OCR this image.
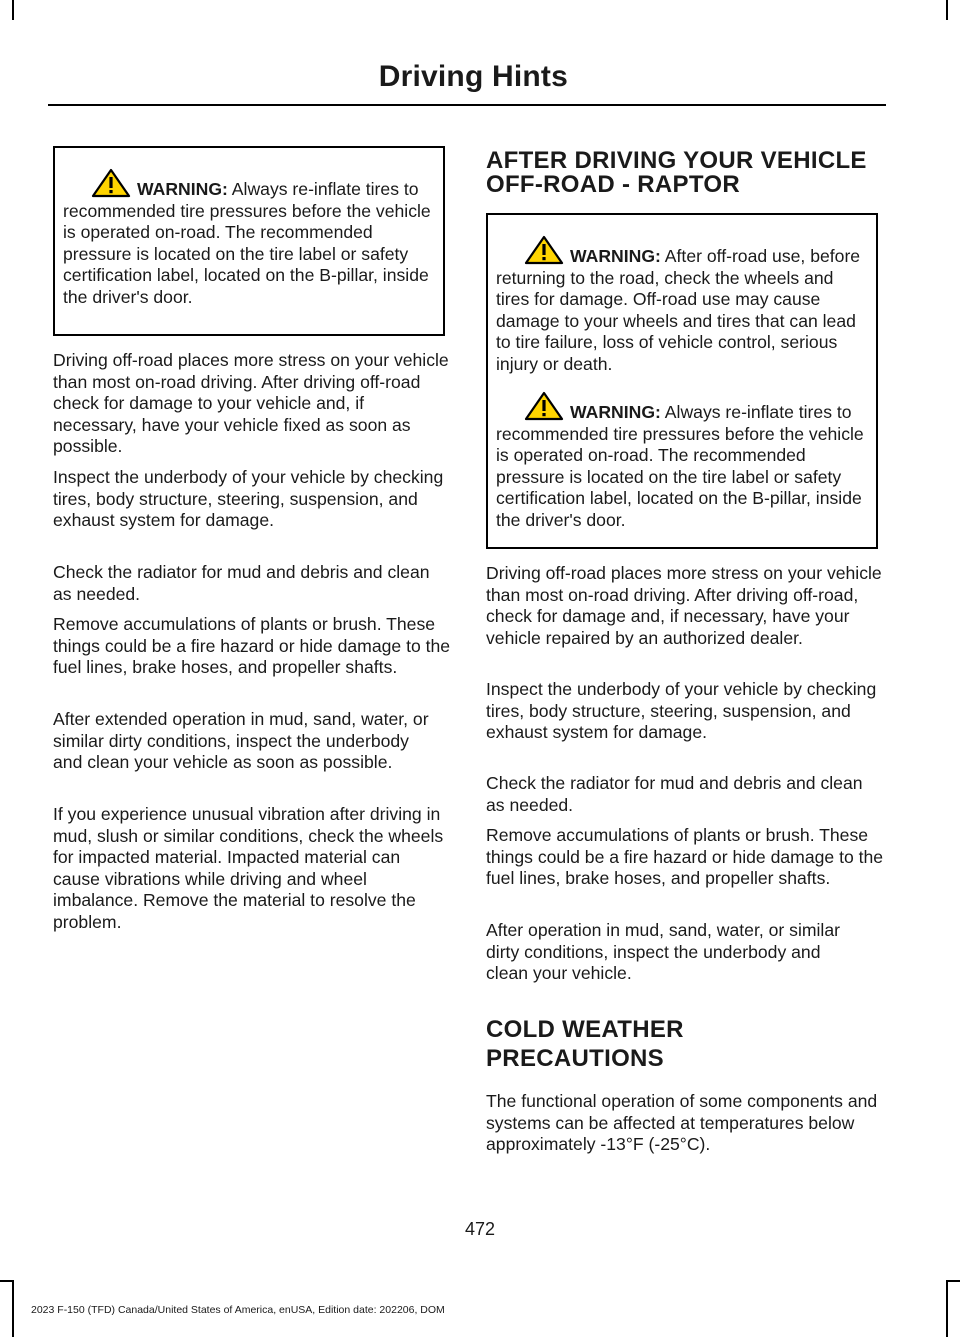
Driving Hints

WARNING: Always re-inflate tires to recommended tire pressures before the vehicle is operated on-road. The recommended pressure is located on the tire label or safety certification label, located on the B-pillar, inside the driver's door.

Driving off-road places more stress on your vehicle than most on-road driving. After driving off-road check for damage to your vehicle and, if necessary, have your vehicle fixed as soon as possible.

Inspect the underbody of your vehicle by checking tires, body structure, steering, suspension, and exhaust system for damage.

Check the radiator for mud and debris and clean as needed.

Remove accumulations of plants or brush. These things could be a fire hazard or hide damage to the fuel lines, brake hoses, and propeller shafts.

After extended operation in mud, sand, water, or similar dirty conditions, inspect the underbody and clean your vehicle as soon as possible.

If you experience unusual vibration after driving in mud, slush or similar conditions, check the wheels for impacted material. Impacted material can cause vibrations while driving and wheel imbalance. Remove the material to resolve the problem.

AFTER DRIVING YOUR VEHICLE
OFF-ROAD - RAPTOR

WARNING: After off-road use, before returning to the road, check the wheels and tires for damage. Off-road use may cause damage to your wheels and tires that can lead to tire failure, loss of vehicle control, serious injury or death.

WARNING: Always re-inflate tires to recommended tire pressures before the vehicle is operated on-road. The recommended pressure is located on the tire label or safety certification label, located on the B-pillar, inside the driver's door.

Driving off-road places more stress on your vehicle than most on-road driving. After driving off-road, check for damage and, if necessary, have your vehicle repaired by an authorized dealer.

Inspect the underbody of your vehicle by checking tires, body structure, steering, suspension, and exhaust system for damage.

Check the radiator for mud and debris and clean as needed.

Remove accumulations of plants or brush. These things could be a fire hazard or hide damage to the fuel lines, brake hoses, and propeller shafts.

After operation in mud, sand, water, or similar dirty conditions, inspect the underbody and clean your vehicle.

COLD WEATHER
PRECAUTIONS

The functional operation of some components and systems can be affected at temperatures below approximately -13°F (-25°C).

472
2023 F-150 (TFD) Canada/United States of America, enUSA, Edition date: 202206, DOM
